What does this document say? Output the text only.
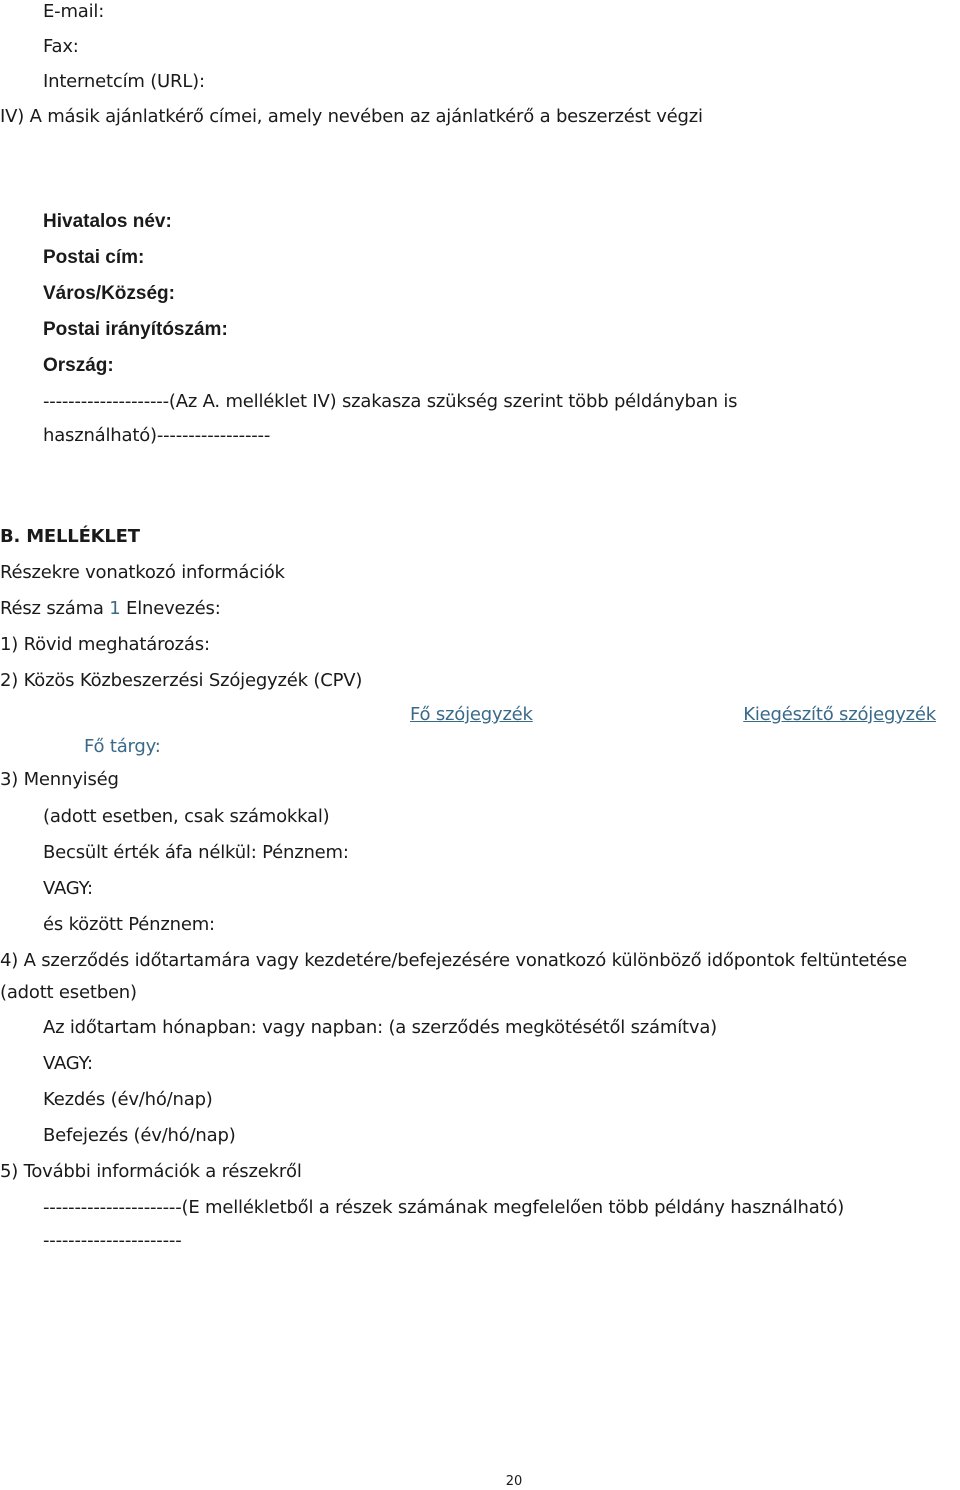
E-mail:
Fax:
Internetcím (URL):
IV) A másik ajánlatkérő címei, amely nevében az ajánlatkérő a beszerzést végzi
Hivatalos név:
Postai cím:
Város/Község:
Postai irányítószám:
Ország:
--------------------(Az A. melléklet IV) szakasza szükség szerint több példányban is
használható)------------------
B. MELLÉKLET
Részekre vonatkozó információk
Rész száma 1 Elnevezés:
1) Rövid meghatározás:
2) Közös Közbeszerzési Szójegyzék (CPV)
Fő szójegyzék	Kiegészítő szójegyzék
Fő tárgy:
3) Mennyiség
(adott esetben, csak számokkal)
Becsült érték áfa nélkül: Pénznem:
VAGY:
és között Pénznem:
4) A szerződés időtartamára vagy kezdetére/befejezésére vonatkozó különböző időpontok feltüntetése
(adott esetben)
Az időtartam hónapban: vagy napban: (a szerződés megkötésétől számítva)
VAGY:
Kezdés (év/hó/nap)
Befejezés (év/hó/nap)
5) További információk a részekről
----------------------(E mellékletből a részek számának megfelelően több példány használható)
----------------------
20
